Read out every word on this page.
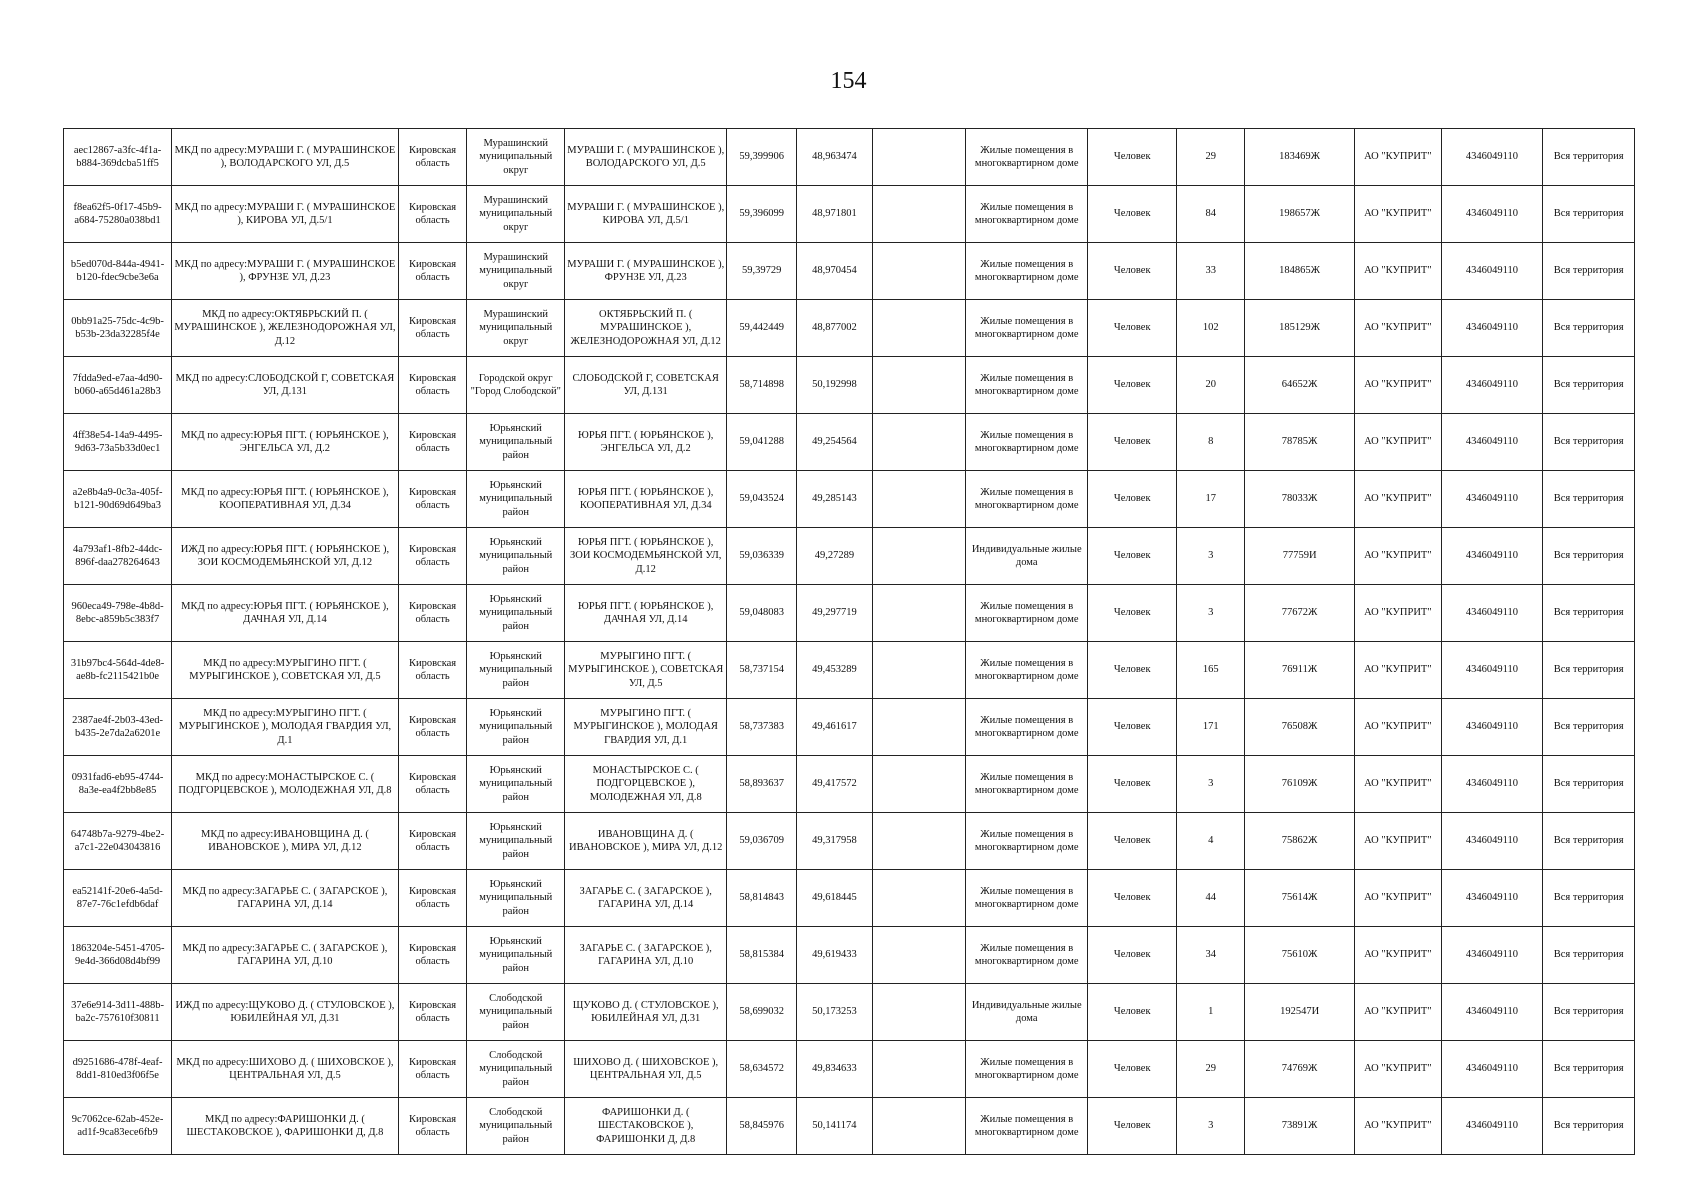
154
aec12867-a3fc-4f1a-b884-369dcba51ff5	МКД по адресу:МУРАШИ Г. ( МУРАШИНСКОЕ ), ВОЛОДАРСКОГО УЛ, Д.5	Кировская область	Мурашинский муниципальный округ	МУРАШИ Г. ( МУРАШИНСКОЕ ), ВОЛОДАРСКОГО УЛ, Д.5	59,399906	48,963474		Жилые помещения в многоквартирном доме	Человек	29	183469Ж	АО "КУПРИТ"	4346049110	Вся территория
f8ea62f5-0f17-45b9-a684-75280a038bd1	МКД по адресу:МУРАШИ Г. ( МУРАШИНСКОЕ ), КИРОВА УЛ, Д.5/1	Кировская область	Мурашинский муниципальный округ	МУРАШИ Г. ( МУРАШИНСКОЕ ), КИРОВА УЛ, Д.5/1	59,396099	48,971801		Жилые помещения в многоквартирном доме	Человек	84	198657Ж	АО "КУПРИТ"	4346049110	Вся территория
b5ed070d-844a-4941-b120-fdec9cbe3e6a	МКД по адресу:МУРАШИ Г. ( МУРАШИНСКОЕ ), ФРУНЗЕ УЛ, Д.23	Кировская область	Мурашинский муниципальный округ	МУРАШИ Г. ( МУРАШИНСКОЕ ), ФРУНЗЕ УЛ, Д.23	59,39729	48,970454		Жилые помещения в многоквартирном доме	Человек	33	184865Ж	АО "КУПРИТ"	4346049110	Вся территория
0bb91a25-75dc-4c9b-b53b-23da32285f4e	МКД по адресу:ОКТЯБРЬСКИЙ П. ( МУРАШИНСКОЕ ), ЖЕЛЕЗНОДОРОЖНАЯ УЛ, Д.12	Кировская область	Мурашинский муниципальный округ	ОКТЯБРЬСКИЙ П. ( МУРАШИНСКОЕ ), ЖЕЛЕЗНОДОРОЖНАЯ УЛ, Д.12	59,442449	48,877002		Жилые помещения в многоквартирном доме	Человек	102	185129Ж	АО "КУПРИТ"	4346049110	Вся территория
7fdda9ed-e7aa-4d90-b060-a65d461a28b3	МКД по адресу:СЛОБОДСКОЙ Г, СОВЕТСКАЯ УЛ, Д.131	Кировская область	Городской округ "Город Слободской"	СЛОБОДСКОЙ Г, СОВЕТСКАЯ УЛ, Д.131	58,714898	50,192998		Жилые помещения в многоквартирном доме	Человек	20	64652Ж	АО "КУПРИТ"	4346049110	Вся территория
4ff38e54-14a9-4495-9d63-73a5b33d0ec1	МКД по адресу:ЮРЬЯ ПГТ. ( ЮРЬЯНСКОЕ ), ЭНГЕЛЬСА УЛ, Д.2	Кировская область	Юрьянский муниципальный район	ЮРЬЯ ПГТ. ( ЮРЬЯНСКОЕ ), ЭНГЕЛЬСА УЛ, Д.2	59,041288	49,254564		Жилые помещения в многоквартирном доме	Человек	8	78785Ж	АО "КУПРИТ"	4346049110	Вся территория
a2e8b4a9-0c3a-405f-b121-90d69d649ba3	МКД по адресу:ЮРЬЯ ПГТ. ( ЮРЬЯНСКОЕ ), КООПЕРАТИВНАЯ УЛ, Д.34	Кировская область	Юрьянский муниципальный район	ЮРЬЯ ПГТ. ( ЮРЬЯНСКОЕ ), КООПЕРАТИВНАЯ УЛ, Д.34	59,043524	49,285143		Жилые помещения в многоквартирном доме	Человек	17	78033Ж	АО "КУПРИТ"	4346049110	Вся территория
4a793af1-8fb2-44dc-896f-daa278264643	ИЖД по адресу:ЮРЬЯ ПГТ. ( ЮРЬЯНСКОЕ ), ЗОИ КОСМОДЕМЬЯНСКОЙ УЛ, Д.12	Кировская область	Юрьянский муниципальный район	ЮРЬЯ ПГТ. ( ЮРЬЯНСКОЕ ), ЗОИ КОСМОДЕМЬЯНСКОЙ УЛ, Д.12	59,036339	49,27289		Индивидуальные жилые дома	Человек	3	77759И	АО "КУПРИТ"	4346049110	Вся территория
960eca49-798e-4b8d-8ebc-a859b5c383f7	МКД по адресу:ЮРЬЯ ПГТ. ( ЮРЬЯНСКОЕ ), ДАЧНАЯ УЛ, Д.14	Кировская область	Юрьянский муниципальный район	ЮРЬЯ ПГТ. ( ЮРЬЯНСКОЕ ), ДАЧНАЯ УЛ, Д.14	59,048083	49,297719		Жилые помещения в многоквартирном доме	Человек	3	77672Ж	АО "КУПРИТ"	4346049110	Вся территория
31b97bc4-564d-4de8-ae8b-fc2115421b0e	МКД по адресу:МУРЫГИНО ПГТ. ( МУРЫГИНСКОЕ ), СОВЕТСКАЯ УЛ, Д.5	Кировская область	Юрьянский муниципальный район	МУРЫГИНО ПГТ. ( МУРЫГИНСКОЕ ), СОВЕТСКАЯ УЛ, Д.5	58,737154	49,453289		Жилые помещения в многоквартирном доме	Человек	165	76911Ж	АО "КУПРИТ"	4346049110	Вся территория
2387ae4f-2b03-43ed-b435-2e7da2a6201e	МКД по адресу:МУРЫГИНО ПГТ. ( МУРЫГИНСКОЕ ), МОЛОДАЯ ГВАРДИЯ УЛ, Д.1	Кировская область	Юрьянский муниципальный район	МУРЫГИНО ПГТ. ( МУРЫГИНСКОЕ ), МОЛОДАЯ ГВАРДИЯ УЛ, Д.1	58,737383	49,461617		Жилые помещения в многоквартирном доме	Человек	171	76508Ж	АО "КУПРИТ"	4346049110	Вся территория
0931fad6-eb95-4744-8a3e-ea4f2bb8e85	МКД по адресу:МОНАСТЫРСКОЕ С. ( ПОДГОРЦЕВСКОЕ ), МОЛОДЕЖНАЯ УЛ, Д.8	Кировская область	Юрьянский муниципальный район	МОНАСТЫРСКОЕ С. ( ПОДГОРЦЕВСКОЕ ), МОЛОДЕЖНАЯ УЛ, Д.8	58,893637	49,417572		Жилые помещения в многоквартирном доме	Человек	3	76109Ж	АО "КУПРИТ"	4346049110	Вся территория
64748b7a-9279-4be2-a7c1-22e043043816	МКД по адресу:ИВАНОВЩИНА Д. ( ИВАНОВСКОЕ ), МИРА УЛ, Д.12	Кировская область	Юрьянский муниципальный район	ИВАНОВЩИНА Д. ( ИВАНОВСКОЕ ), МИРА УЛ, Д.12	59,036709	49,317958		Жилые помещения в многоквартирном доме	Человек	4	75862Ж	АО "КУПРИТ"	4346049110	Вся территория
ea52141f-20e6-4a5d-87e7-76c1efdb6daf	МКД по адресу:ЗАГАРЬЕ С. ( ЗАГАРСКОЕ ), ГАГАРИНА УЛ, Д.14	Кировская область	Юрьянский муниципальный район	ЗАГАРЬЕ С. ( ЗАГАРСКОЕ ), ГАГАРИНА УЛ, Д.14	58,814843	49,618445		Жилые помещения в многоквартирном доме	Человек	44	75614Ж	АО "КУПРИТ"	4346049110	Вся территория
1863204e-5451-4705-9e4d-366d08d4bf99	МКД по адресу:ЗАГАРЬЕ С. ( ЗАГАРСКОЕ ), ГАГАРИНА УЛ, Д.10	Кировская область	Юрьянский муниципальный район	ЗАГАРЬЕ С. ( ЗАГАРСКОЕ ), ГАГАРИНА УЛ, Д.10	58,815384	49,619433		Жилые помещения в многоквартирном доме	Человек	34	75610Ж	АО "КУПРИТ"	4346049110	Вся территория
37e6e914-3d11-488b-ba2c-757610f30811	ИЖД по адресу:ЩУКОВО Д. ( СТУЛОВСКОЕ ), ЮБИЛЕЙНАЯ УЛ, Д.31	Кировская область	Слободской муниципальный район	ЩУКОВО Д. ( СТУЛОВСКОЕ ), ЮБИЛЕЙНАЯ УЛ, Д.31	58,699032	50,173253		Индивидуальные жилые дома	Человек	1	192547И	АО "КУПРИТ"	4346049110	Вся территория
d9251686-478f-4eaf-8dd1-810ed3f06f5e	МКД по адресу:ШИХОВО Д. ( ШИХОВСКОЕ ), ЦЕНТРАЛЬНАЯ УЛ, Д.5	Кировская область	Слободской муниципальный район	ШИХОВО Д. ( ШИХОВСКОЕ ), ЦЕНТРАЛЬНАЯ УЛ, Д.5	58,634572	49,834633		Жилые помещения в многоквартирном доме	Человек	29	74769Ж	АО "КУПРИТ"	4346049110	Вся территория
9c7062ce-62ab-452e-ad1f-9ca83ece6fb9	МКД по адресу:ФАРИШОНКИ Д. ( ШЕСТАКОВСКОЕ ), ФАРИШОНКИ Д, Д.8	Кировская область	Слободской муниципальный район	ФАРИШОНКИ Д. ( ШЕСТАКОВСКОЕ ), ФАРИШОНКИ Д, Д.8	58,845976	50,141174		Жилые помещения в многоквартирном доме	Человек	3	73891Ж	АО "КУПРИТ"	4346049110	Вся территория
